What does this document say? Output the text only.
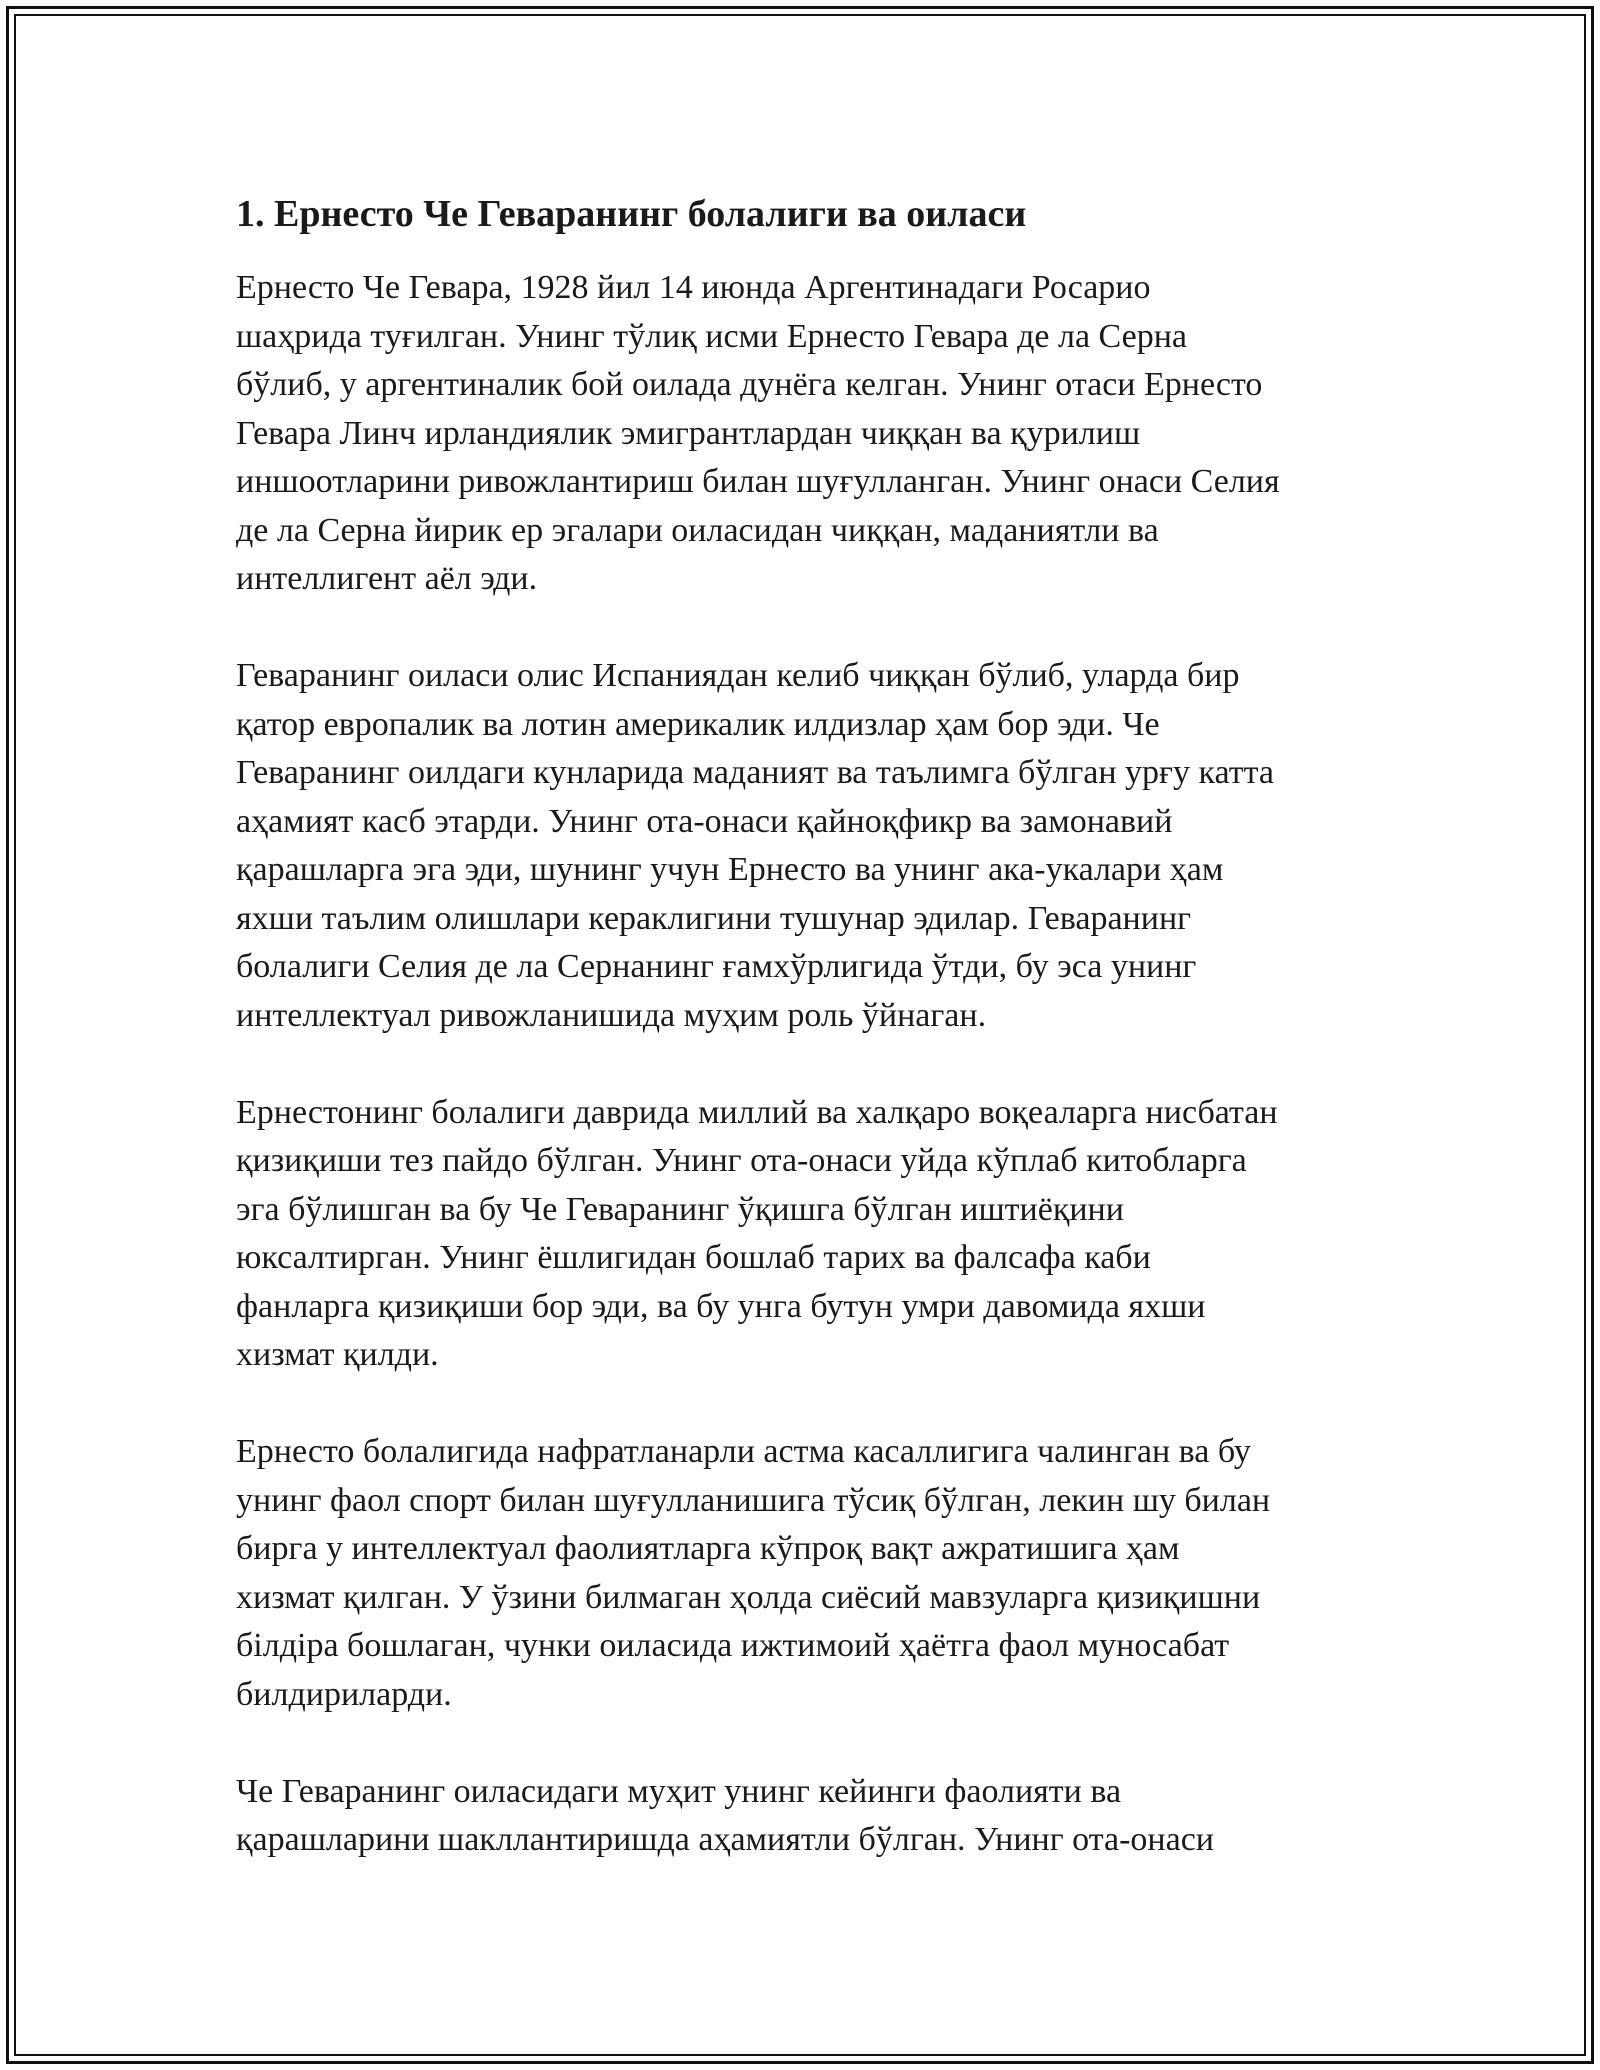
1. Ернесто Че Геваранинг болалиги ва оиласи

Ернесто Че Гевара, 1928 йил 14 июнда Аргентинадаги Росарио
шаҳрида туғилган. Унинг тўлиқ исми Ернесто Гевара де ла Серна
бўлиб, у аргентиналик бой оилада дунёга келган. Унинг отаси Ернесто
Гевара Линч ирландиялик эмигрантлардан чиққан ва қурилиш
иншоотларини ривожлантириш билан шуғулланган. Унинг онаси Селия
де ла Серна йирик ер эгалари оиласидан чиққан, маданиятли ва
интеллигент аёл эди.

Геваранинг оиласи олис Испаниядан келиб чиққан бўлиб, уларда бир
қатор европалик ва лотин америкалик илдизлар ҳам бор эди. Че
Геваранинг оилдаги кунларида маданият ва таълимга бўлган урғу катта
аҳамият касб этарди. Унинг ота-онаси қайноқфикр ва замонавий
қарашларга эга эди, шунинг учун Ернесто ва унинг ака-укалари ҳам
яхши таълим олишлари кераклигини тушунар эдилар. Геваранинг
болалиги Селия де ла Сернанинг ғамхўрлигида ўтди, бу эса унинг
интеллектуал ривожланишида муҳим роль ўйнаган.

Ернестонинг болалиги даврида миллий ва халқаро воқеаларга нисбатан
қизиқиши тез пайдо бўлган. Унинг ота-онаси уйда кўплаб китобларга
эга бўлишган ва бу Че Геваранинг ўқишга бўлган иштиёқини
юксалтирган. Унинг ёшлигидан бошлаб тарих ва фалсафа каби
фанларга қизиқиши бор эди, ва бу унга бутун умри давомида яхши
хизмат қилди.

Ернесто болалигида нафратланарли астма касаллигига чалинган ва бу
унинг фаол спорт билан шуғулланишига тўсиқ бўлган, лекин шу билан
бирга у интеллектуал фаолиятларга кўпроқ вақт ажратишига ҳам
хизмат қилган. У ўзини билмаган ҳолда сиёсий мавзуларга қизиқишни
білдіра бошлаган, чунки оиласида ижтимоий ҳаётга фаол муносабат
билдириларди.

Че Геваранинг оиласидаги муҳит унинг кейинги фаолияти ва
қарашларини шакллантиришда аҳамиятли бўлган. Унинг ота-онаси
